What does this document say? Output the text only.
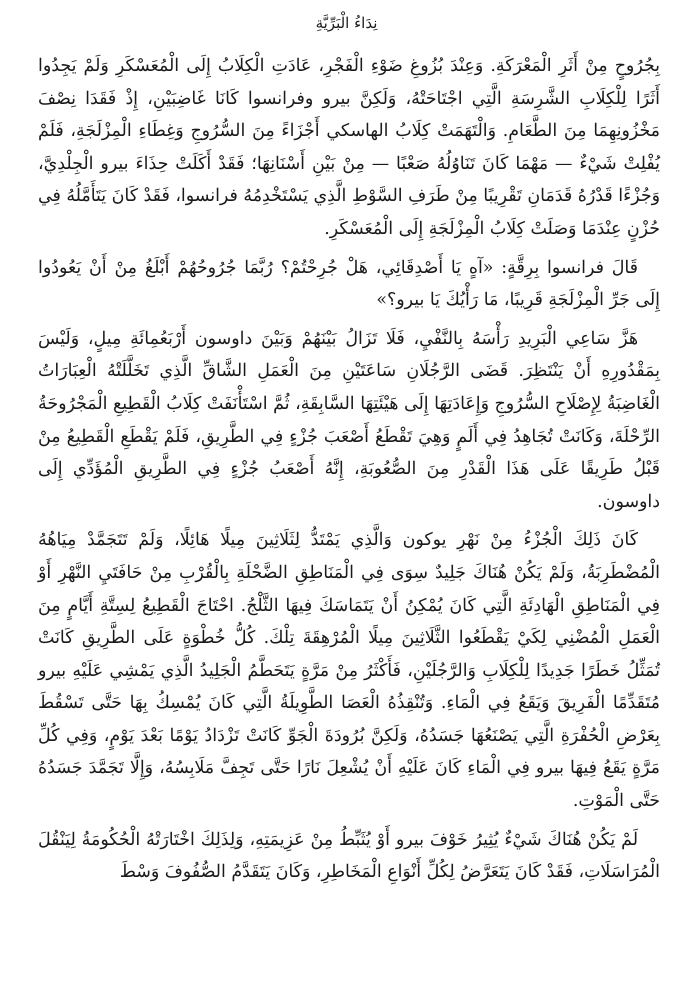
نِدَاءُ الْبَرِّيَّةِ

بِجُرُوحٍ مِنْ أَثَرِ الْمَعْرَكَةِ. وَعِنْدَ بُزُوغِ ضَوْءِ الْفَجْرِ، عَادَتِ الْكِلَابُ إِلَى الْمُعَسْكَرِ وَلَمْ يَجِدُوا أَثَرًا لِلْكِلَابِ الشَّرِسَةِ الَّتِي اجْتَاحَتْهُ، وَلَكِنَّ بيرو وفرانسوا كَانَا غَاضِبَيْنِ، إِذْ فَقَدَا نِصْفَ مَخْزُونِهِمَا مِنَ الطَّعَامِ. وَالْتَهَمَتْ كِلَابُ الهاسكي أَجْزَاءً مِنَ السُّرُوجِ وَغِطَاءِ الْمِزْلَجَةِ، فَلَمْ يُفْلِتْ شَيْءٌ — مَهْمَا كَانَ تَنَاوُلُهُ صَعْبًا — مِنْ بَيْنِ أَسْنَانِهَا؛ فَقَدْ أَكَلَتْ حِذَاءَ بيرو الْجِلْدِيَّ، وَجُزْءًا قَدْرُهُ قَدَمَانِ تَقْرِيبًا مِنْ طَرَفِ السَّوْطِ الَّذِي يَسْتَخْدِمُهُ فرانسوا، فَقَدْ كَانَ يَتَأَمَّلُهُ فِي حُزْنٍ عِنْدَمَا وَصَلَتْ كِلَابُ الْمِزْلَجَةِ إِلَى الْمُعَسْكَرِ.

قَالَ فرانسوا بِرِقَّةٍ: «آهٍ يَا أَصْدِقَائِي، هَلْ جُرِحْتُمْ؟ رُبَّمَا جُرُوحُهُمْ أَبْلَغُ مِنْ أَنْ يَعُودُوا إِلَى جَرِّ الْمِزْلَجَةِ قَرِيبًا، مَا رَأْيُكَ يَا بيرو؟»

هَزَّ سَاعِي الْبَرِيدِ رَأْسَهُ بِالنَّفْيِ، فَلَا تَزَالُ بَيْنَهُمْ وَبَيْنَ داوسون أَرْبَعُمِائَةِ مِيلٍ، وَلَيْسَ بِمَقْدُورِهِ أَنْ يَنْتَظِرَ. قَضَى الرَّجُلَانِ سَاعَتَيْنِ مِنَ الْعَمَلِ الشَّاقِّ الَّذِي تَخَلَّلَتْهُ الْعِبَارَاتُ الْغَاضِبَةُ لِإِصْلَاحِ السُّرُوجِ وَإِعَادَتِهَا إِلَى هَيْئَتِهَا السَّابِقَةِ، ثُمَّ اسْتَأْنَفَتْ كِلَابُ الْقَطِيعِ الْمَجْرُوحَةُ الرِّحْلَةَ، وَكَانَتْ تُجَاهِدُ فِي أَلَمٍ وَهِيَ تَقْطَعُ أَصْعَبَ جُزْءٍ فِي الطَّرِيقِ، فَلَمْ يَقْطَعِ الْقَطِيعُ مِنْ قَبْلُ طَرِيقًا عَلَى هَذَا الْقَدْرِ مِنَ الصُّعُوبَةِ، إِنَّهُ أَصْعَبُ جُزْءٍ فِي الطَّرِيقِ الْمُؤَدِّي إِلَى داوسون.

كَانَ ذَلِكَ الْجُزْءُ مِنْ نَهْرِ يوكون وَالَّذِي يَمْتَدُّ لِثَلَاثِينَ مِيلًا هَائِلًا، وَلَمْ تَتَجَمَّدْ مِيَاهُهُ الْمُضْطَرِبَةُ، وَلَمْ يَكُنْ هُنَاكَ جَلِيدٌ سِوَى فِي الْمَنَاطِقِ الضَّحْلَةِ بِالْقُرْبِ مِنْ حَافَتَيِ النَّهْرِ أَوْ فِي الْمَنَاطِقِ الْهَادِئَةِ الَّتِي كَانَ يُمْكِنُ أَنْ يَتَمَاسَكَ فِيهَا الثَّلْجُ. احْتَاجَ الْقَطِيعُ لِسِتَّةِ أَيَّامٍ مِنَ الْعَمَلِ الْمُضْنِي لِكَيْ يَقْطَعُوا الثَّلَاثِينَ مِيلًا الْمُرْهِقَةَ تِلْكَ. كُلُّ خُطْوَةٍ عَلَى الطَّرِيقِ كَانَتْ تُمَثِّلُ خَطَرًا جَدِيدًا لِلْكِلَابِ وَالرَّجُلَيْنِ، فَأَكْثَرُ مِنْ مَرَّةٍ يَتَحَطَّمُ الْجَلِيدُ الَّذِي يَمْشِي عَلَيْهِ بيرو مُتَقَدِّمًا الْفَرِيقَ وَيَقَعُ فِي الْمَاءِ. وَتُنْقِذُهُ الْعَصَا الطَّوِيلَةُ الَّتِي كَانَ يُمْسِكُ بِهَا حَتَّى تَسْقُطَ بِعَرْضِ الْحُفْرَةِ الَّتِي يَصْنَعُهَا جَسَدُهُ، وَلَكِنَّ بُرُودَةَ الْجَوِّ كَانَتْ تَزْدَادُ يَوْمًا بَعْدَ يَوْمٍ، وَفِي كُلِّ مَرَّةٍ يَقَعُ فِيهَا بيرو فِي الْمَاءِ كَانَ عَلَيْهِ أَنْ يُشْعِلَ نَارًا حَتَّى تَجِفَّ مَلَابِسُهُ، وَإِلَّا تَجَمَّدَ جَسَدُهُ حَتَّى الْمَوْتِ.

لَمْ يَكُنْ هُنَاكَ شَيْءٌ يُثِيرُ خَوْفَ بيرو أَوْ يُثَبِّطُ مِنْ عَزِيمَتِهِ، وَلِذَلِكَ اخْتَارَتْهُ الْحُكُومَةُ لِيَنْقُلَ الْمُرَاسَلَاتِ، فَقَدْ كَانَ يَتَعَرَّضُ لِكُلِّ أَنْوَاعِ الْمَخَاطِرِ، وَكَانَ يَتَقَدَّمُ الصُّفُوفَ وَسْطَ
